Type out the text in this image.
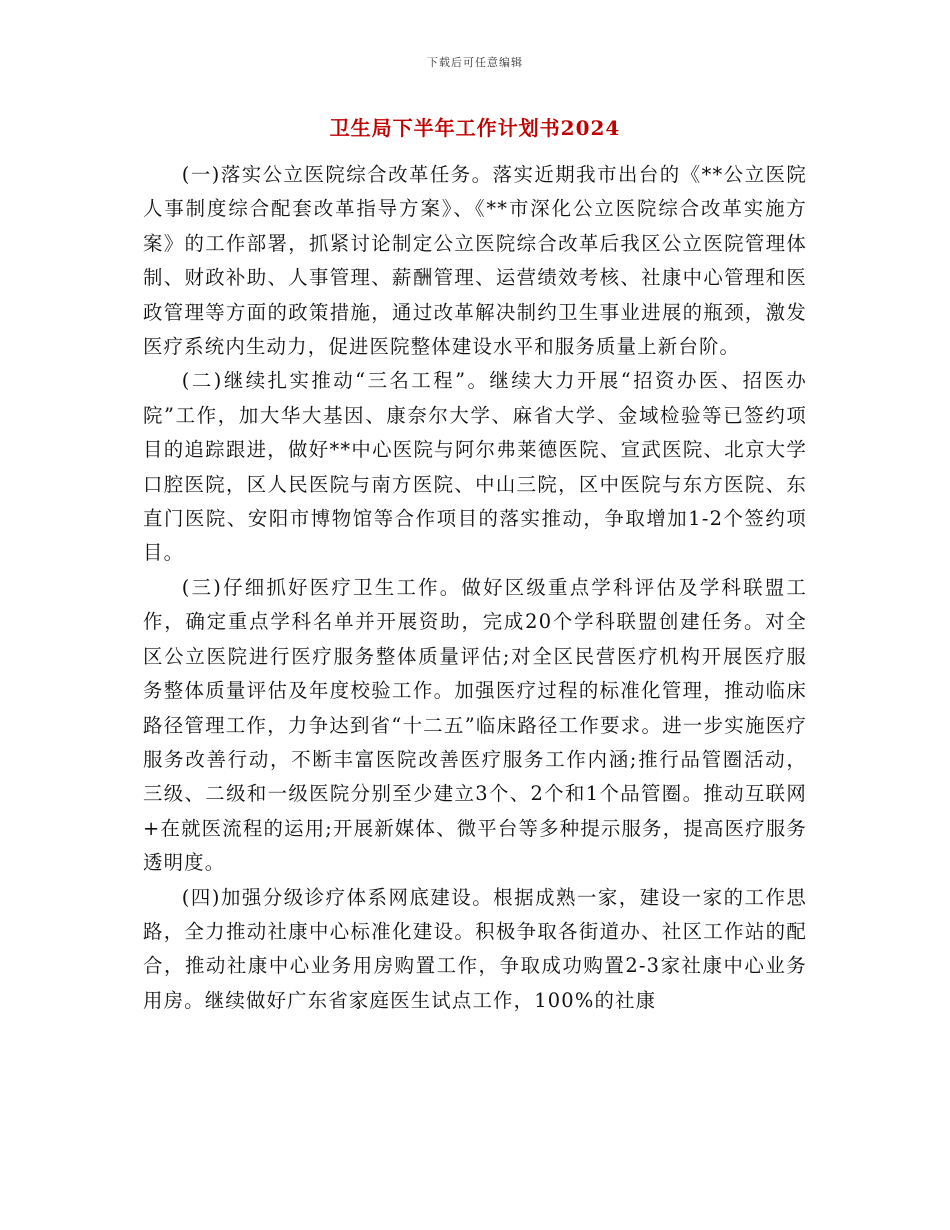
下载后可任意编辑
卫生局下半年工作计划书2024

(一)落实公立医院综合改革任务。落实近期我市出台的《**公立医院人事制度综合配套改革指导方案》、《**市深化公立医院综合改革实施方案》的工作部署，抓紧讨论制定公立医院综合改革后我区公立医院管理体制、财政补助、人事管理、薪酬管理、运营绩效考核、社康中心管理和医政管理等方面的政策措施，通过改革解决制约卫生事业进展的瓶颈，激发医疗系统内生动力，促进医院整体建设水平和服务质量上新台阶。

(二)继续扎实推动“三名工程”。继续大力开展“招资办医、招医办院”工作，加大华大基因、康奈尔大学、麻省大学、金域检验等已签约项目的追踪跟进，做好**中心医院与阿尔弗莱德医院、宣武医院、北京大学口腔医院，区人民医院与南方医院、中山三院，区中医院与东方医院、东直门医院、安阳市博物馆等合作项目的落实推动，争取增加1-2个签约项目。

(三)仔细抓好医疗卫生工作。做好区级重点学科评估及学科联盟工作，确定重点学科名单并开展资助，完成20个学科联盟创建任务。对全区公立医院进行医疗服务整体质量评估;对全区民营医疗机构开展医疗服务整体质量评估及年度校验工作。加强医疗过程的标准化管理，推动临床路径管理工作，力争达到省“十二五”临床路径工作要求。进一步实施医疗服务改善行动，不断丰富医院改善医疗服务工作内涵;推行品管圈活动，三级、二级和一级医院分别至少建立3个、2个和1个品管圈。推动互联网+在就医流程的运用;开展新媒体、微平台等多种提示服务，提高医疗服务透明度。

(四)加强分级诊疗体系网底建设。根据成熟一家，建设一家的工作思路，全力推动社康中心标准化建设。积极争取各街道办、社区工作站的配合，推动社康中心业务用房购置工作，争取成功购置2-3家社康中心业务用房。继续做好广东省家庭医生试点工作，100%的社康
